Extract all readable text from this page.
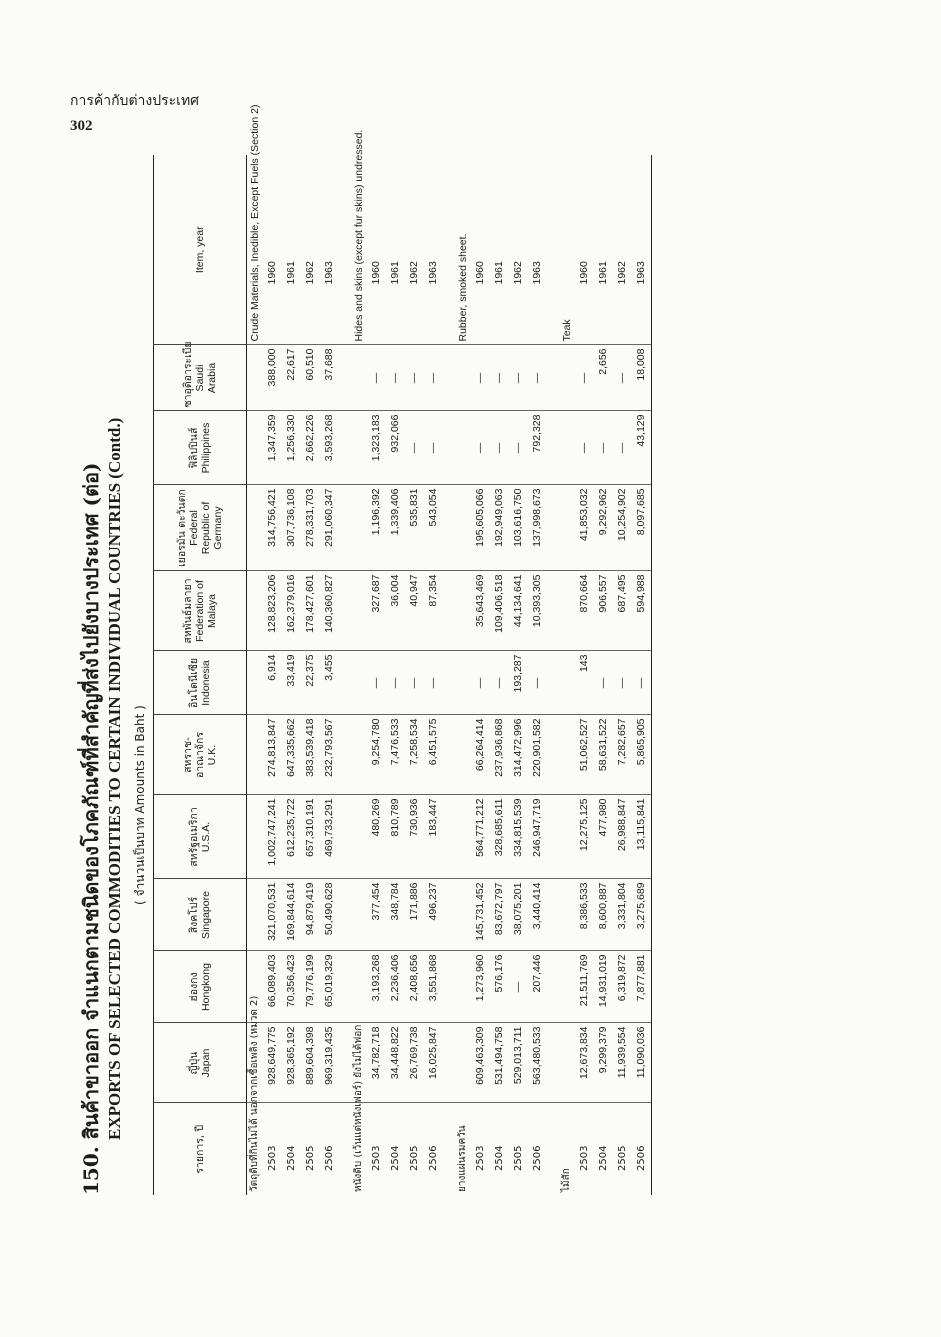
การค้ากับต่างประเทศ
302
150. สินค้าขาออก จำแนกตามชนิดของโภคภัณฑ์ที่สำคัญที่ส่งไปยังบางประเทศ (ต่อ) EXPORTS OF SELECTED COMMODITIES TO CERTAIN INDIVIDUAL COUNTRIES (Contd.) ( จำนวนเป็นบาท Amounts in Baht )
รายการ, ปี	ญี่ปุ่น Japan	ฮ่องกง Hongkong	สิงคโปร์ Singapore	สหรัฐอเมริกา U.S.A.	สหราช-อาณาจักร U.K.	อินโดนีเซีย Indonesia	สหพันธ์มลายา Federation of Malaya	เยอรมัน ตะวันตก Federal Republic of Germany	ฟิลิปปินส์ Philippines	ซาอุดิอาระเบีย Saudi Arabia	Item, year

วัตถุดิบที่กินไม่ได้ นอกจากเชื้อเพลิง (หมวด 2)											Crude Materials, Inedible, Except Fuels (Section 2)
2503	928,649,775	66,089,403	321,070,531	1,002,747,241	274,813,847	6,914	128,823,206	314,756,421	1,347,359	388,000	1960
2504	928,365,192	70,356,423	169,844,614	612,235,722	647,335,662	33,419	162,379,016	307,736,108	1,256,330	22,617	1961
2505	889,604,398	79,776,199	94,879,419	657,310,191	383,539,418	22,375	178,427,601	278,331,703	2,662,226	60,510	1962
2506	969,319,435	65,019,329	50,490,628	469,733,291	232,793,567	3,455	140,360,827	291,060,347	3,593,268	37,688	1963

หนังดิบ (เว้นแต่หนังเฟอร์) ยังไม่ได้ฟอก											Hides and skins (except fur skins) undressed.
2503	34,782,718	3,193,268	377,454	480,269	9,254,780	—	327,687	1,196,392	1,323,183	—	1960
2504	34,448,822	2,236,406	348,784	810,789	7,476,533	—	36,004	1,339,406	932,066	—	1961
2505	26,769,738	2,408,656	171,886	730,936	7,258,534	—	40,947	535,831	—	—	1962
2506	16,025,847	3,551,868	496,237	183,447	6,451,575	—	87,354	543,054	—	—	1963

ยางแผ่นรมควัน											Rubber, smoked sheet.
2503	609,463,309	1,273,960	145,731,452	564,771,212	66,264,414	—	35,643,469	195,605,066	—	—	1960
2504	531,494,758	576,176	83,672,797	328,685,611	237,936,868	—	109,406,518	192,949,063	—	—	1961
2505	529,013,711	—	38,075,201	334,815,539	314,472,996	193,287	44,134,641	103,616,750	—	—	1962
2506	563,480,533	207,446	3,440,414	246,947,719	220,901,582	—	10,393,305	137,998,673	792,328	—	1963

ไม้สัก											Teak
2503	12,673,834	21,511,769	8,386,533	12,275,125	51,062,527	143	870,664	41,853,032	—	—	1960
2504	9,299,379	14,931,019	8,600,887	477,980	58,631,522	—	906,557	9,292,962	—	2,656	1961
2505	11,939,554	6,319,872	3,331,804	26,988,847	7,282,657	—	687,495	10,254,902	—	—	1962
2506	11,090,036	7,877,881	3,275,689	13,115,841	5,865,905	—	594,988	8,097,685	43,129	18,008	1963
